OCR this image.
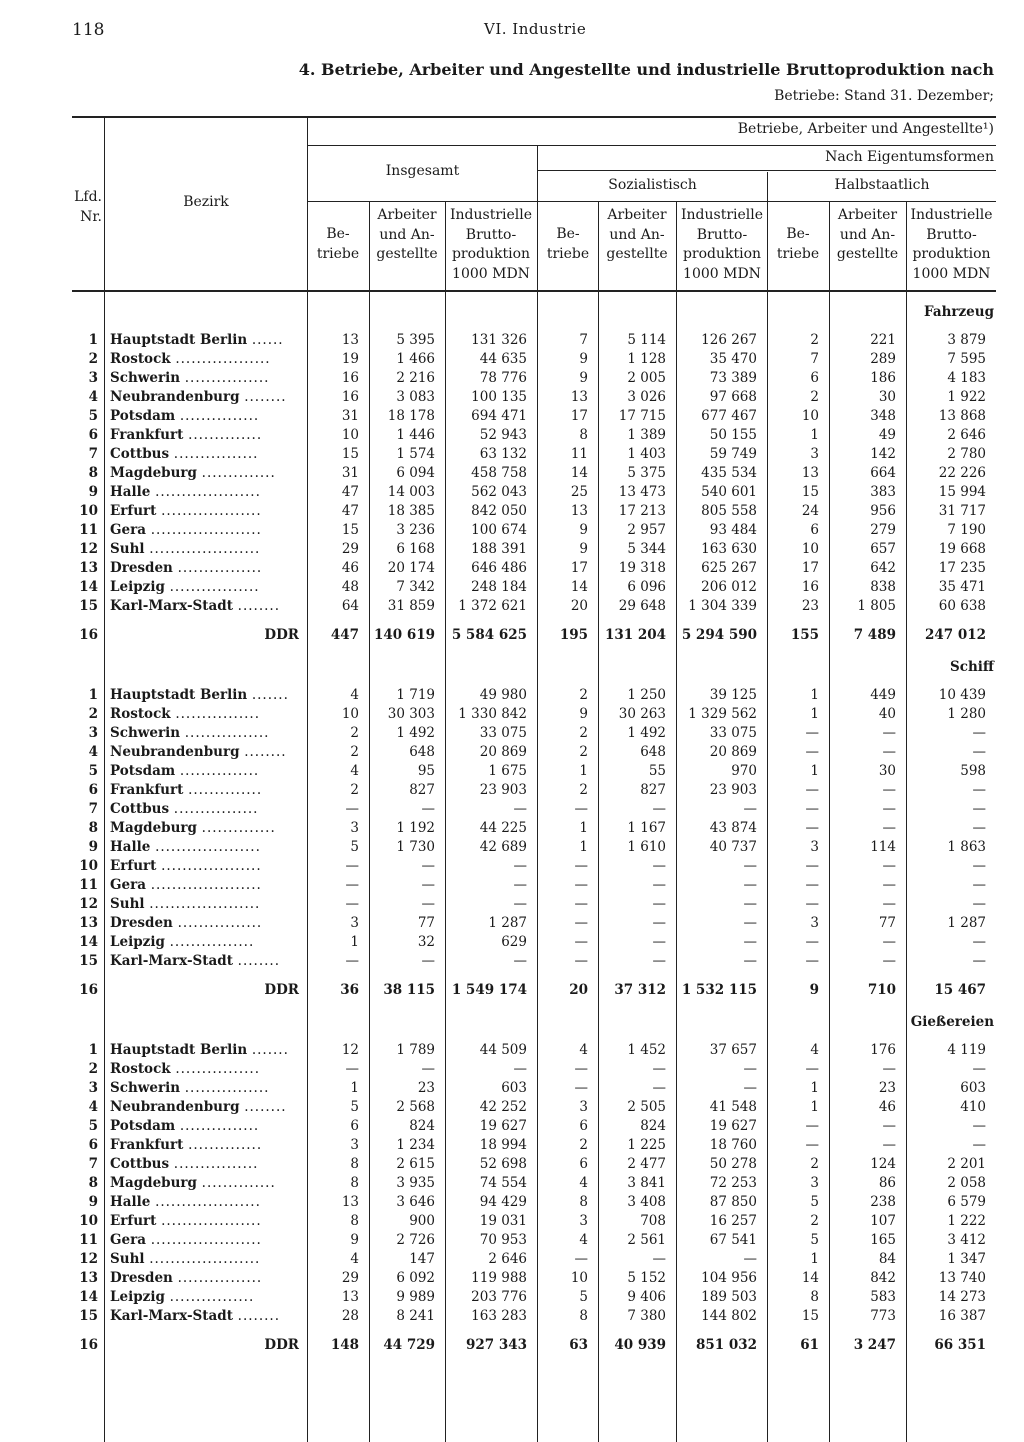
118	VI. Industrie
4. Betriebe, Arbeiter und Angestellte und industrielle Bruttoproduktion nach
Betriebe: Stand 31. Dezember;
Lfd. Nr.
Bezirk
Betriebe, Arbeiter und Angestellte¹)
Insgesamt
Nach Eigentumsformen
Sozialistisch	Halbstaatlich
Be- triebe
Arbeiter und An- gestellte
Industrielle Brutto- produktion 1000 MDN
Be- triebe
Arbeiter und An- gestellte
Industrielle Brutto- produktion 1000 MDN
Be- triebe
Arbeiter und An- gestellte
Industrielle Brutto- produktion 1000 MDN
Fahrzeug										

1	Hauptstadt Berlin ......	13	5 395	131 326	7	5 114	126 267	2	221	3 879
2	Rostock ..................	19	1 466	44 635	9	1 128	35 470	7	289	7 595
3	Schwerin ................	16	2 216	78 776	9	2 005	73 389	6	186	4 183
4	Neubrandenburg ........	16	3 083	100 135	13	3 026	97 668	2	30	1 922
5	Potsdam ...............	31	18 178	694 471	17	17 715	677 467	10	348	13 868
6	Frankfurt ..............	10	1 446	52 943	8	1 389	50 155	1	49	2 646
7	Cottbus ................	15	1 574	63 132	11	1 403	59 749	3	142	2 780
8	Magdeburg ..............	31	6 094	458 758	14	5 375	435 534	13	664	22 226
9	Halle ....................	47	14 003	562 043	25	13 473	540 601	15	383	15 994
10	Erfurt ...................	47	18 385	842 050	13	17 213	805 558	24	956	31 717
11	Gera .....................	15	3 236	100 674	9	2 957	93 484	6	279	7 190
12	Suhl .....................	29	6 168	188 391	9	5 344	163 630	10	657	19 668
13	Dresden ................	46	20 174	646 486	17	19 318	625 267	17	642	17 235
14	Leipzig .................	48	7 342	248 184	14	6 096	206 012	16	838	35 471
15	Karl-Marx-Stadt ........	64	31 859	1 372 621	20	29 648	1 304 339	23	1 805	60 638

16	DDR	447	140 619	5 584 625	195	131 204	5 294 590	155	7 489	247 012

Schiff										

1	Hauptstadt Berlin .......	4	1 719	49 980	2	1 250	39 125	1	449	10 439
2	Rostock ................	10	30 303	1 330 842	9	30 263	1 329 562	1	40	1 280
3	Schwerin ................	2	1 492	33 075	2	1 492	33 075	—	—	—
4	Neubrandenburg ........	2	648	20 869	2	648	20 869	—	—	—
5	Potsdam ...............	4	95	1 675	1	55	970	1	30	598
6	Frankfurt ..............	2	827	23 903	2	827	23 903	—	—	—
7	Cottbus ................	—	—	—	—	—	—	—	—	—
8	Magdeburg ..............	3	1 192	44 225	1	1 167	43 874	—	—	—
9	Halle ....................	5	1 730	42 689	1	1 610	40 737	3	114	1 863
10	Erfurt ...................	—	—	—	—	—	—	—	—	—
11	Gera .....................	—	—	—	—	—	—	—	—	—
12	Suhl .....................	—	—	—	—	—	—	—	—	—
13	Dresden ................	3	77	1 287	—	—	—	3	77	1 287
14	Leipzig ................	1	32	629	—	—	—	—	—	—
15	Karl-Marx-Stadt ........	—	—	—	—	—	—	—	—	—

16	DDR	36	38 115	1 549 174	20	37 312	1 532 115	9	710	15 467

Gießereien										

1	Hauptstadt Berlin .......	12	1 789	44 509	4	1 452	37 657	4	176	4 119
2	Rostock ................	—	—	—	—	—	—	—	—	—
3	Schwerin ................	1	23	603	—	—	—	1	23	603
4	Neubrandenburg ........	5	2 568	42 252	3	2 505	41 548	1	46	410
5	Potsdam ...............	6	824	19 627	6	824	19 627	—	—	—
6	Frankfurt ..............	3	1 234	18 994	2	1 225	18 760	—	—	—
7	Cottbus ................	8	2 615	52 698	6	2 477	50 278	2	124	2 201
8	Magdeburg ..............	8	3 935	74 554	4	3 841	72 253	3	86	2 058
9	Halle ....................	13	3 646	94 429	8	3 408	87 850	5	238	6 579
10	Erfurt ...................	8	900	19 031	3	708	16 257	2	107	1 222
11	Gera .....................	9	2 726	70 953	4	2 561	67 541	5	165	3 412
12	Suhl .....................	4	147	2 646	—	—	—	1	84	1 347
13	Dresden ................	29	6 092	119 988	10	5 152	104 956	14	842	13 740
14	Leipzig ................	13	9 989	203 776	5	9 406	189 503	8	583	14 273
15	Karl-Marx-Stadt ........	28	8 241	163 283	8	7 380	144 802	15	773	16 387

16	DDR	148	44 729	927 343	63	40 939	851 032	61	3 247	66 351
